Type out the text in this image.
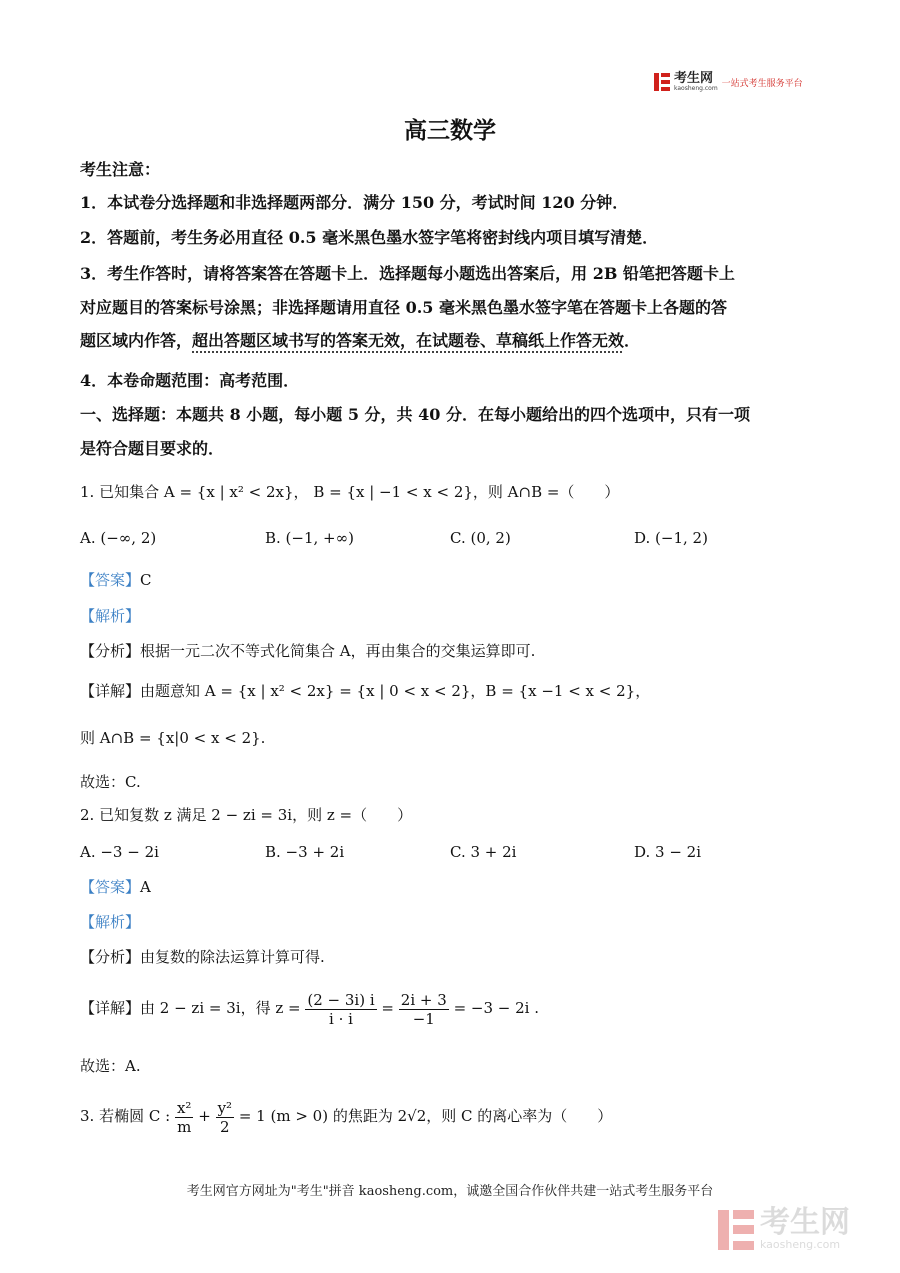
考生网
kaosheng.com 一站式考生服务平台
高三数学
考生注意：
1．本试卷分选择题和非选择题两部分．满分 150 分，考试时间 120 分钟．
2．答题前，考生务必用直径 0.5 毫米黑色墨水签字笔将密封线内项目填写清楚．
3．考生作答时，请将答案答在答题卡上．选择题每小题选出答案后，用 2B 铅笔把答题卡上
对应题目的答案标号涂黑；非选择题请用直径 0.5 毫米黑色墨水签字笔在答题卡上各题的答
题区域内作答，超出答题区域书写的答案无效，在试题卷、草稿纸上作答无效．
4．本卷命题范围：高考范围．
一、选择题：本题共 8 小题，每小题 5 分，共 40 分．在每小题给出的四个选项中，只有一项
是符合题目要求的．
1. 已知集合 A = {x | x² < 2x}， B = {x | −1 < x < 2}，则 A∩B =（　　）
A. (−∞, 2)	B. (−1, +∞)	C. (0, 2)	D. (−1, 2)
【答案】C
【解析】
【分析】根据一元二次不等式化简集合 A，再由集合的交集运算即可.
【详解】由题意知 A = {x | x² < 2x} = {x | 0 < x < 2}，B = {x −1 < x < 2}，
则 A∩B = {x|0 < x < 2}.
故选：C.
2. 已知复数 z 满足 2 − zi = 3i，则 z =（　　）
A. −3 − 2i	B. −3 + 2i	C. 3 + 2i	D. 3 − 2i
【答案】A
【解析】
【分析】由复数的除法运算计算可得.
【详解】由 2 − zi = 3i，得 $z = \frac{(2 - 3i) i}{i \cdot i} = \frac{2i + 3}{-1} = -3 - 2i$ .
故选：A.
3. 若椭圆 C : $\frac{\text{x²}}{m} + \frac{\text{y²}}{2} = 1$ (m > 0) 的焦距为 2√2，则 C 的离心率为（　　）
考生网官方网址为"考生"拼音 kaosheng.com，诚邀全国合作伙伴共建一站式考生服务平台
考生网
kaosheng.com
